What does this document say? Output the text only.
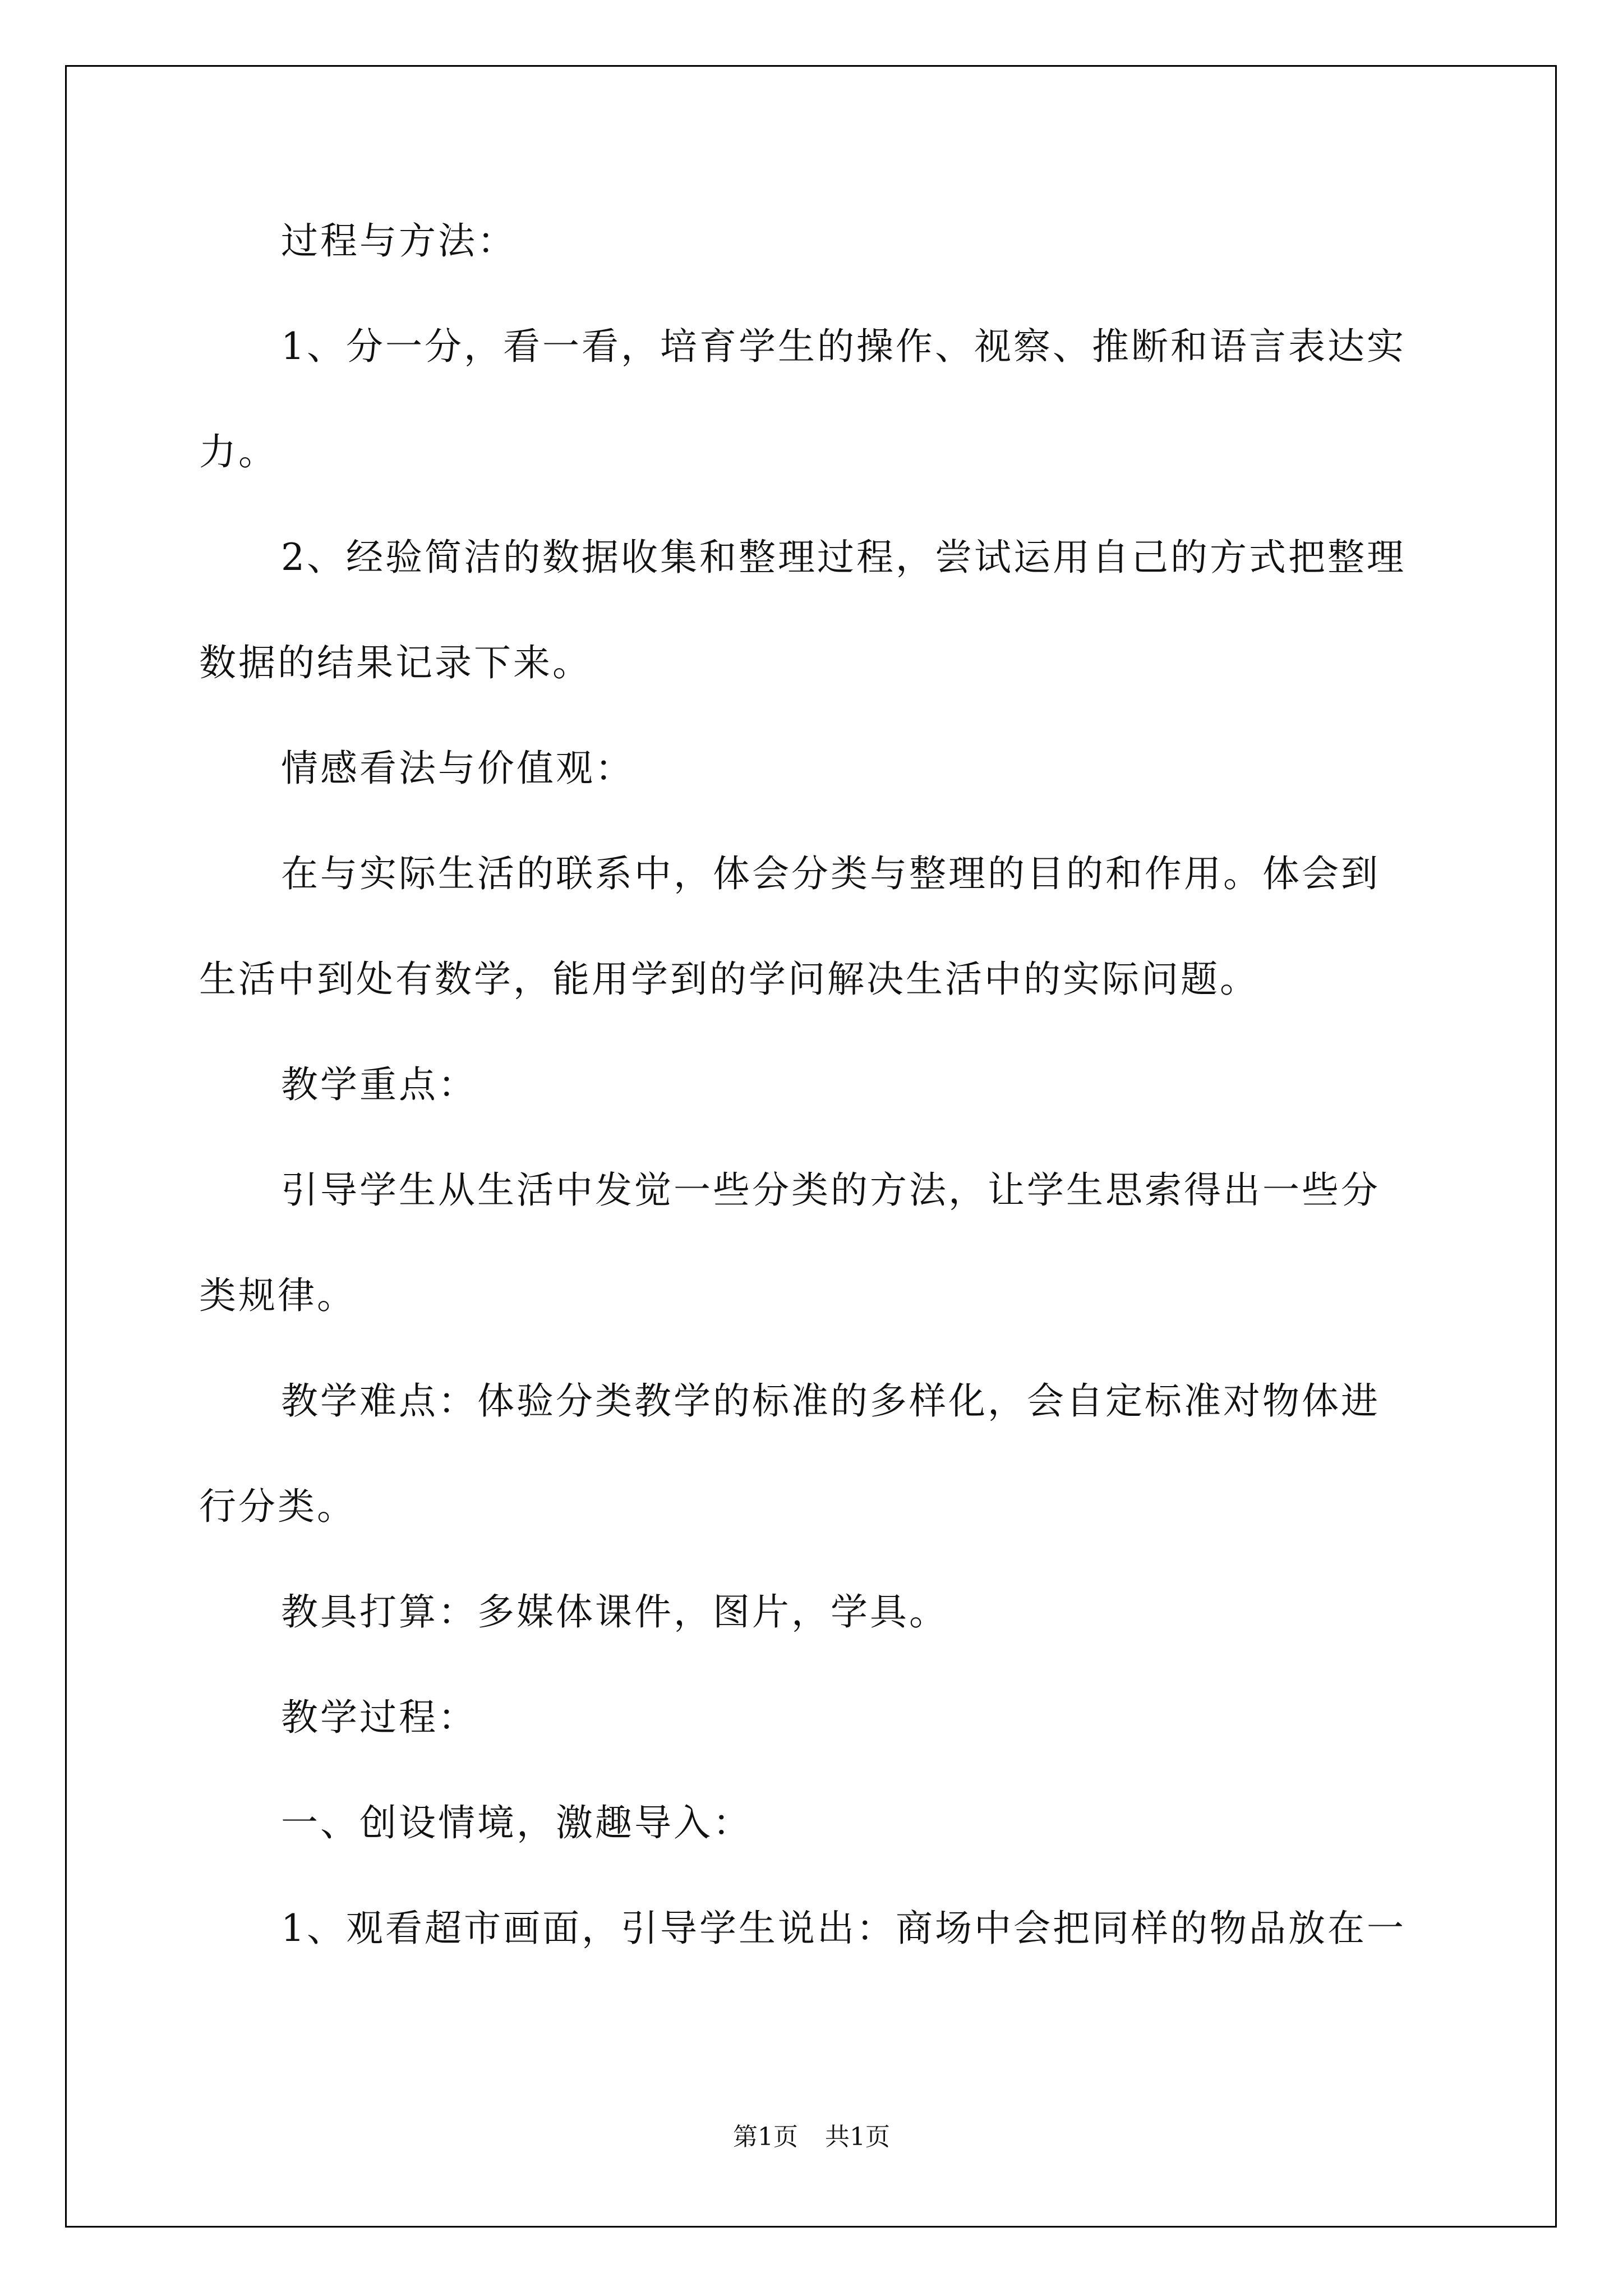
过程与方法：
1、分一分，看一看，培育学生的操作、视察、推断和语言表达实
力。
2、经验简洁的数据收集和整理过程，尝试运用自己的方式把整理
数据的结果记录下来。
情感看法与价值观：
在与实际生活的联系中，体会分类与整理的目的和作用。体会到
生活中到处有数学，能用学到的学问解决生活中的实际问题。
教学重点：
引导学生从生活中发觉一些分类的方法，让学生思索得出一些分
类规律。
教学难点：体验分类教学的标准的多样化，会自定标准对物体进
行分类。
教具打算：多媒体课件，图片，学具。
教学过程：
一、创设情境，激趣导入：
1、观看超市画面，引导学生说出：商场中会把同样的物品放在一
第1页 共1页
